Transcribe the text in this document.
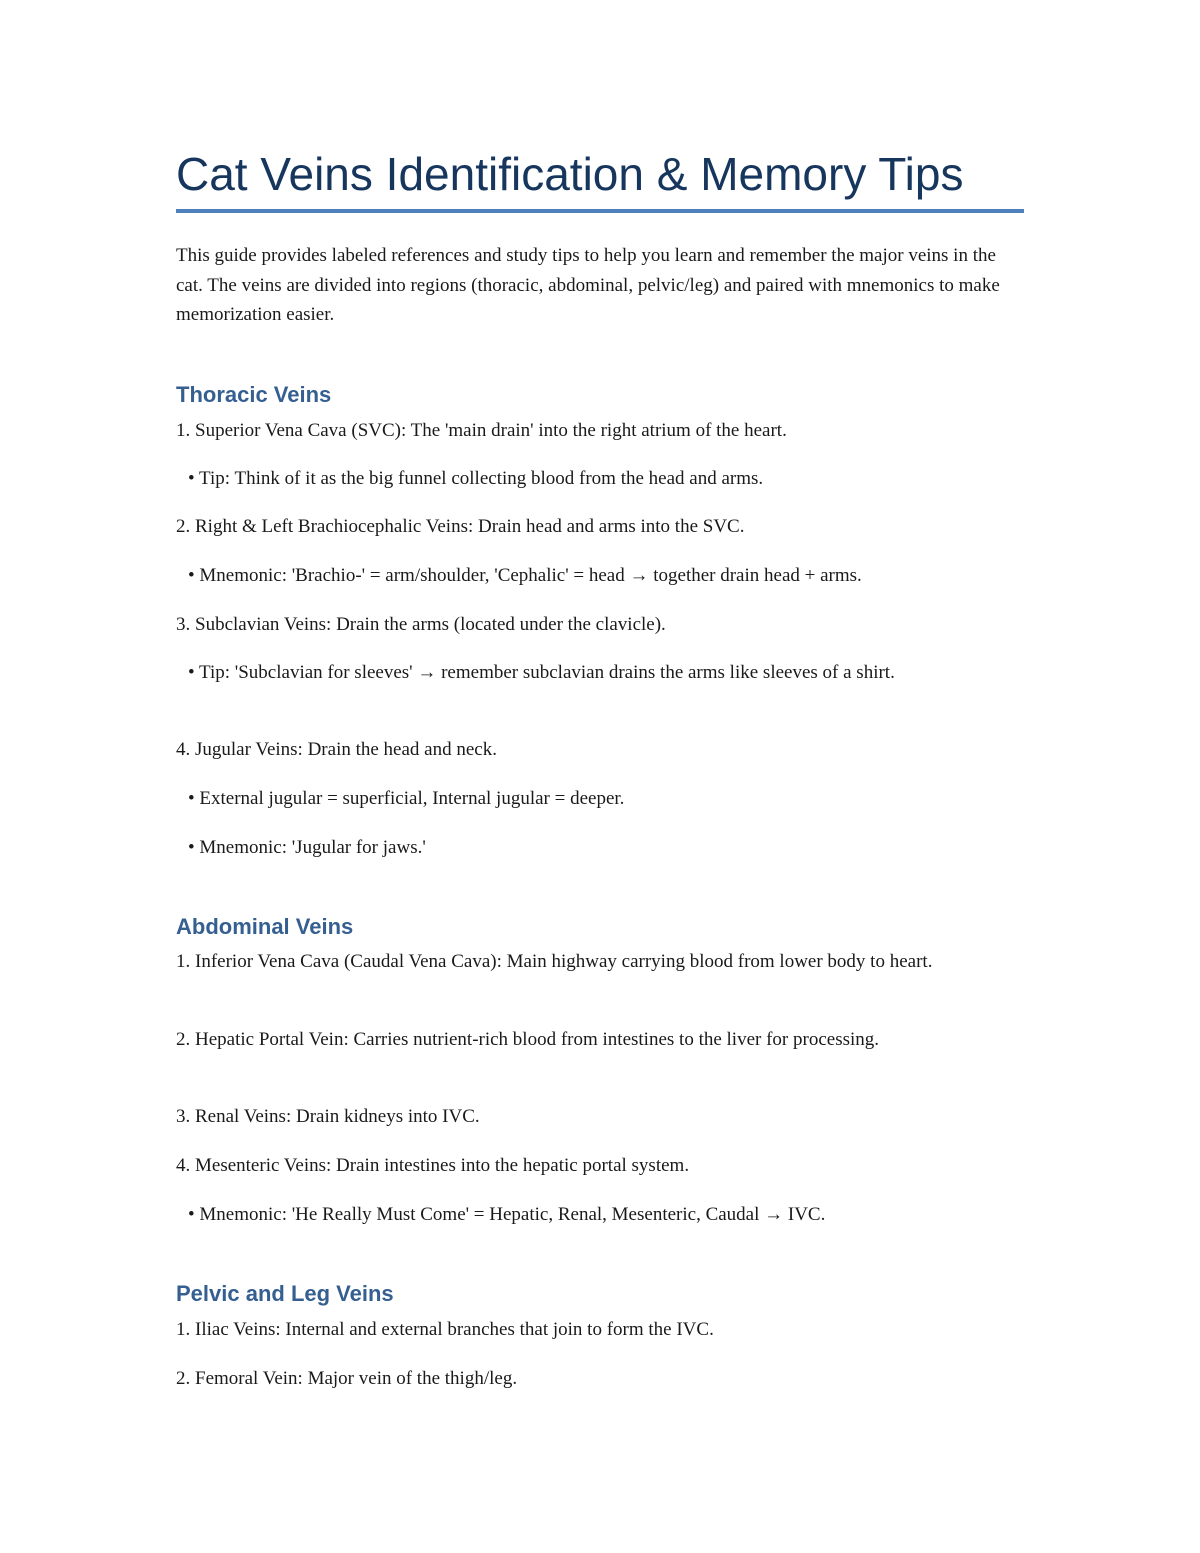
Cat Veins Identification & Memory Tips

This guide provides labeled references and study tips to help you learn and remember the major veins in the cat. The veins are divided into regions (thoracic, abdominal, pelvic/leg) and paired with mnemonics to make memorization easier.

Thoracic Veins

1. Superior Vena Cava (SVC): The 'main drain' into the right atrium of the heart.

• Tip: Think of it as the big funnel collecting blood from the head and arms.

2. Right & Left Brachiocephalic Veins: Drain head and arms into the SVC.

• Mnemonic: 'Brachio-' = arm/shoulder, 'Cephalic' = head → together drain head + arms.

3. Subclavian Veins: Drain the arms (located under the clavicle).

• Tip: 'Subclavian for sleeves' → remember subclavian drains the arms like sleeves of a shirt.

4. Jugular Veins: Drain the head and neck.

• External jugular = superficial, Internal jugular = deeper.

• Mnemonic: 'Jugular for jaws.'

Abdominal Veins

1. Inferior Vena Cava (Caudal Vena Cava): Main highway carrying blood from lower body to heart.

2. Hepatic Portal Vein: Carries nutrient-rich blood from intestines to the liver for processing.

3. Renal Veins: Drain kidneys into IVC.

4. Mesenteric Veins: Drain intestines into the hepatic portal system.

• Mnemonic: 'He Really Must Come' = Hepatic, Renal, Mesenteric, Caudal → IVC.

Pelvic and Leg Veins

1. Iliac Veins: Internal and external branches that join to form the IVC.

2. Femoral Vein: Major vein of the thigh/leg.
